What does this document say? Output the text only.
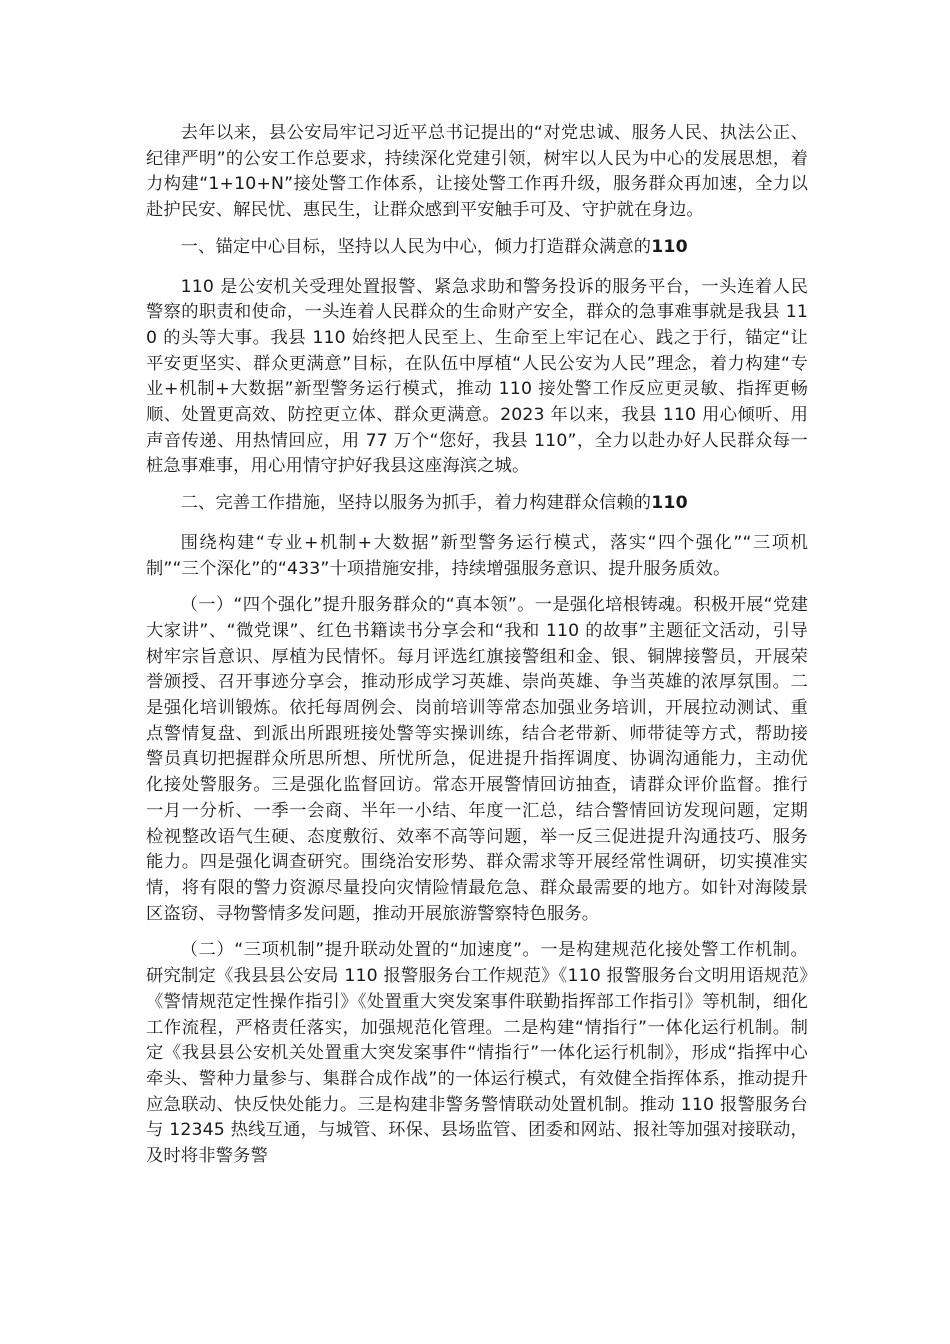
去年以来，县公安局牢记习近平总书记提出的“对党忠诚、服务人民、执法公正、纪律严明”的公安工作总要求，持续深化党建引领，树牢以人民为中心的发展思想，着力构建“1+10+N”接处警工作体系，让接处警工作再升级，服务群众再加速，全力以赴护民安、解民忧、惠民生，让群众感到平安触手可及、守护就在身边。

一、锚定中心目标，坚持以人民为中心，倾力打造群众满意的110

110 是公安机关受理处置报警、紧急求助和警务投诉的服务平台，一头连着人民警察的职责和使命，一头连着人民群众的生命财产安全，群众的急事难事就是我县 110 的头等大事。我县 110 始终把人民至上、生命至上牢记在心、践之于行，锚定“让平安更坚实、群众更满意”目标，在队伍中厚植“人民公安为人民”理念，着力构建“专业+机制+大数据”新型警务运行模式，推动 110 接处警工作反应更灵敏、指挥更畅顺、处置更高效、防控更立体、群众更满意。2023 年以来，我县 110 用心倾听、用声音传递、用热情回应，用 77 万个“您好，我县 110”，全力以赴办好人民群众每一桩急事难事，用心用情守护好我县这座海滨之城。

二、完善工作措施，坚持以服务为抓手，着力构建群众信赖的110

围绕构建“专业+机制+大数据”新型警务运行模式，落实“四个强化”“三项机制”“三个深化”的“433”十项措施安排，持续增强服务意识、提升服务质效。

（一）“四个强化”提升服务群众的“真本领”。一是强化培根铸魂。积极开展“党建大家讲”、“微党课”、红色书籍读书分享会和“我和 110 的故事”主题征文活动，引导树牢宗旨意识、厚植为民情怀。每月评选红旗接警组和金、银、铜牌接警员，开展荣誉颁授、召开事迹分享会，推动形成学习英雄、崇尚英雄、争当英雄的浓厚氛围。二是强化培训锻炼。依托每周例会、岗前培训等常态加强业务培训，开展拉动测试、重点警情复盘、到派出所跟班接处警等实操训练，结合老带新、师带徒等方式，帮助接警员真切把握群众所思所想、所忧所急，促进提升指挥调度、协调沟通能力，主动优化接处警服务。三是强化监督回访。常态开展警情回访抽查，请群众评价监督。推行一月一分析、一季一会商、半年一小结、年度一汇总，结合警情回访发现问题，定期检视整改语气生硬、态度敷衍、效率不高等问题，举一反三促进提升沟通技巧、服务能力。四是强化调查研究。围绕治安形势、群众需求等开展经常性调研，切实摸准实情，将有限的警力资源尽量投向灾情险情最危急、群众最需要的地方。如针对海陵景区盗窃、寻物警情多发问题，推动开展旅游警察特色服务。

（二）“三项机制”提升联动处置的“加速度”。一是构建规范化接处警工作机制。研究制定《我县县公安局 110 报警服务台工作规范》《110 报警服务台文明用语规范》《警情规范定性操作指引》《处置重大突发案事件联勤指挥部工作指引》等机制，细化工作流程，严格责任落实，加强规范化管理。二是构建“情指行”一体化运行机制。制定《我县县公安机关处置重大突发案事件“情指行”一体化运行机制》，形成“指挥中心牵头、警种力量参与、集群合成作战”的一体运行模式，有效健全指挥体系，推动提升应急联动、快反快处能力。三是构建非警务警情联动处置机制。推动 110 报警服务台与 12345 热线互通，与城管、环保、县场监管、团委和网站、报社等加强对接联动，及时将非警务警
